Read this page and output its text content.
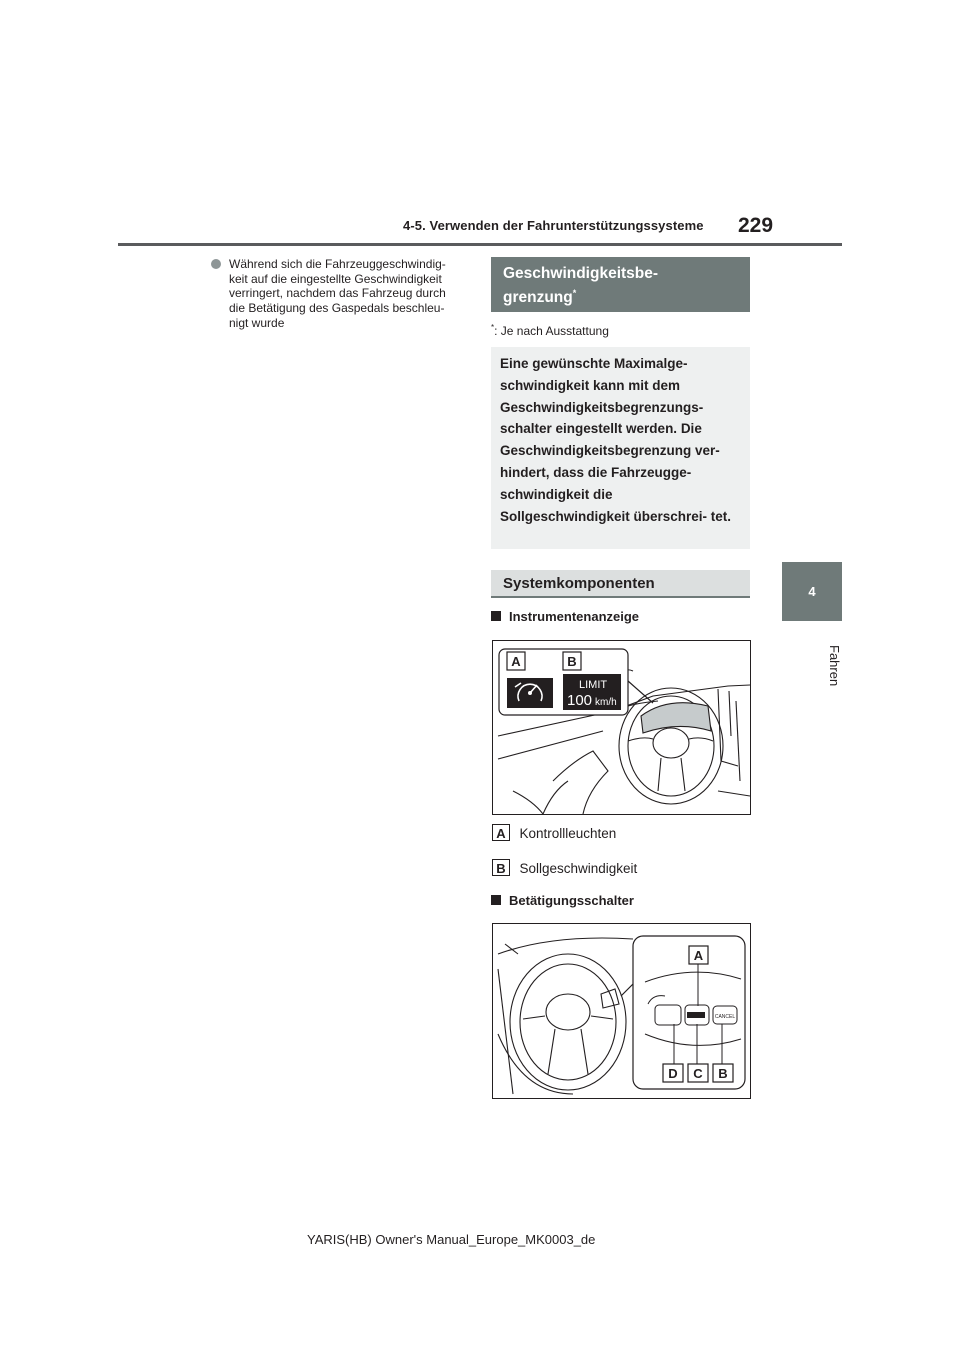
4-5. Verwenden der Fahrunterstützungssysteme 229
4
Fahren
Während sich die Fahrzeuggeschwindig- keit auf die eingestellte Geschwindigkeit verringert, nachdem das Fahrzeug durch die Betätigung des Gaspedals beschleu- nigt wurde
Geschwindigkeitsbe-
grenzung*
*: Je nach Ausstattung
Eine gewünschte Maximalge- schwindigkeit kann mit dem Geschwindigkeitsbegrenzungs- schalter eingestellt werden. Die Geschwindigkeitsbegrenzung ver- hindert, dass die Fahrzeugge- schwindigkeit die Sollgeschwindigkeit überschrei- tet.
Systemkomponenten
Instrumentenanzeige
A	B
LIMIT
100 km/h
A Kontrollleuchten
B Sollgeschwindigkeit
Betätigungsschalter
CANCEL
A
D C B
YARIS(HB) Owner's Manual_Europe_MK0003_de
